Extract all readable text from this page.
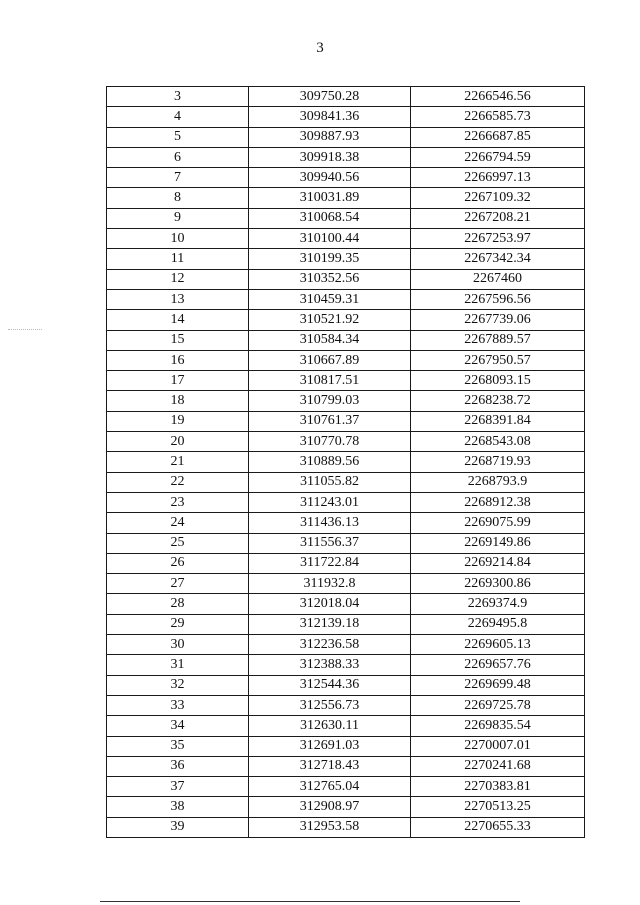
3
3	309750.28	2266546.56
4	309841.36	2266585.73
5	309887.93	2266687.85
6	309918.38	2266794.59
7	309940.56	2266997.13
8	310031.89	2267109.32
9	310068.54	2267208.21
10	310100.44	2267253.97
11	310199.35	2267342.34
12	310352.56	2267460
13	310459.31	2267596.56
14	310521.92	2267739.06
15	310584.34	2267889.57
16	310667.89	2267950.57
17	310817.51	2268093.15
18	310799.03	2268238.72
19	310761.37	2268391.84
20	310770.78	2268543.08
21	310889.56	2268719.93
22	311055.82	2268793.9
23	311243.01	2268912.38
24	311436.13	2269075.99
25	311556.37	2269149.86
26	311722.84	2269214.84
27	311932.8	2269300.86
28	312018.04	2269374.9
29	312139.18	2269495.8
30	312236.58	2269605.13
31	312388.33	2269657.76
32	312544.36	2269699.48
33	312556.73	2269725.78
34	312630.11	2269835.54
35	312691.03	2270007.01
36	312718.43	2270241.68
37	312765.04	2270383.81
38	312908.97	2270513.25
39	312953.58	2270655.33
